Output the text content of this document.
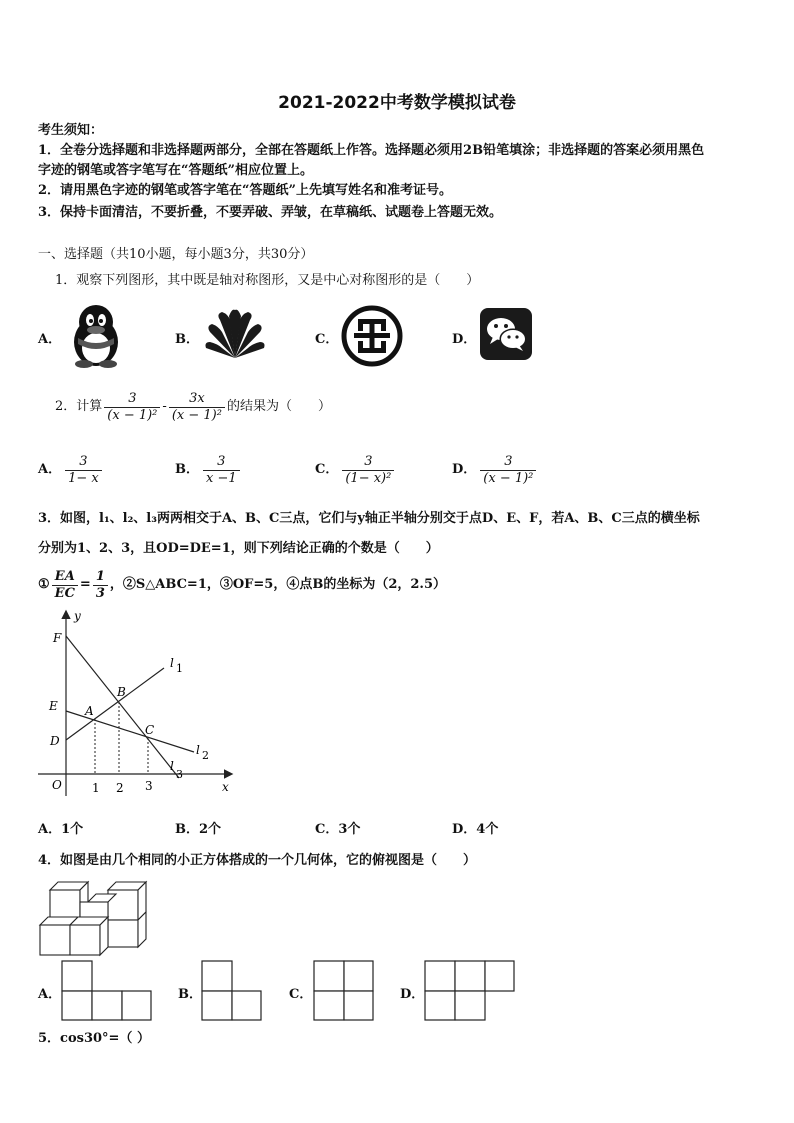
2021-2022中考数学模拟试卷
考生须知：
1．全卷分选择题和非选择题两部分，全部在答题纸上作答。选择题必须用2B铅笔填涂；非选择题的答案必须用黑色
字迹的钢笔或答字笔写在“答题纸”相应位置上。
2．请用黑色字迹的钢笔或答字笔在“答题纸”上先填写姓名和准考证号。
3．保持卡面清洁，不要折叠，不要弄破、弄皱，在草稿纸、试题卷上答题无效。
一、选择题（共10小题，每小题3分，共30分）
1．观察下列图形，其中既是轴对称图形，又是中心对称图形的是（　　）
A．	B．	C．	D．
2．计算 $\frac{3}{\text{(x − 1)²}} - \frac{3x}{\text{(x − 1)²}}$ 的结果为（　　）
A． $\frac{3}{1- x}$	B． $\frac{3}{x -1}$	C． $\frac{3}{\text{(1− x)²}}$	D． $\frac{3}{\text{(x − 1)²}}$
3．如图，l₁、l₂、l₃两两相交于A、B、C三点，它们与y轴正半轴分别交于点D、E、F，若A、B、C三点的横坐标
分别为1、2、3，且OD=DE=1，则下列结论正确的个数是（　　）
① $\frac{EA}{EC} = \frac{1}{3}$ ，②S△ABC=1，③OF=5，④点B的坐标为（2，2.5）
y
x
O
F
E
D
A
B
C
l 1
l 2
l
3
1 2 3
A．1个	B．2个	C．3个	D．4个
4．如图是由几个相同的小正方体搭成的一个几何体，它的俯视图是（　　）
A．	B．	C．	D．
5．cos30°=（ ）
